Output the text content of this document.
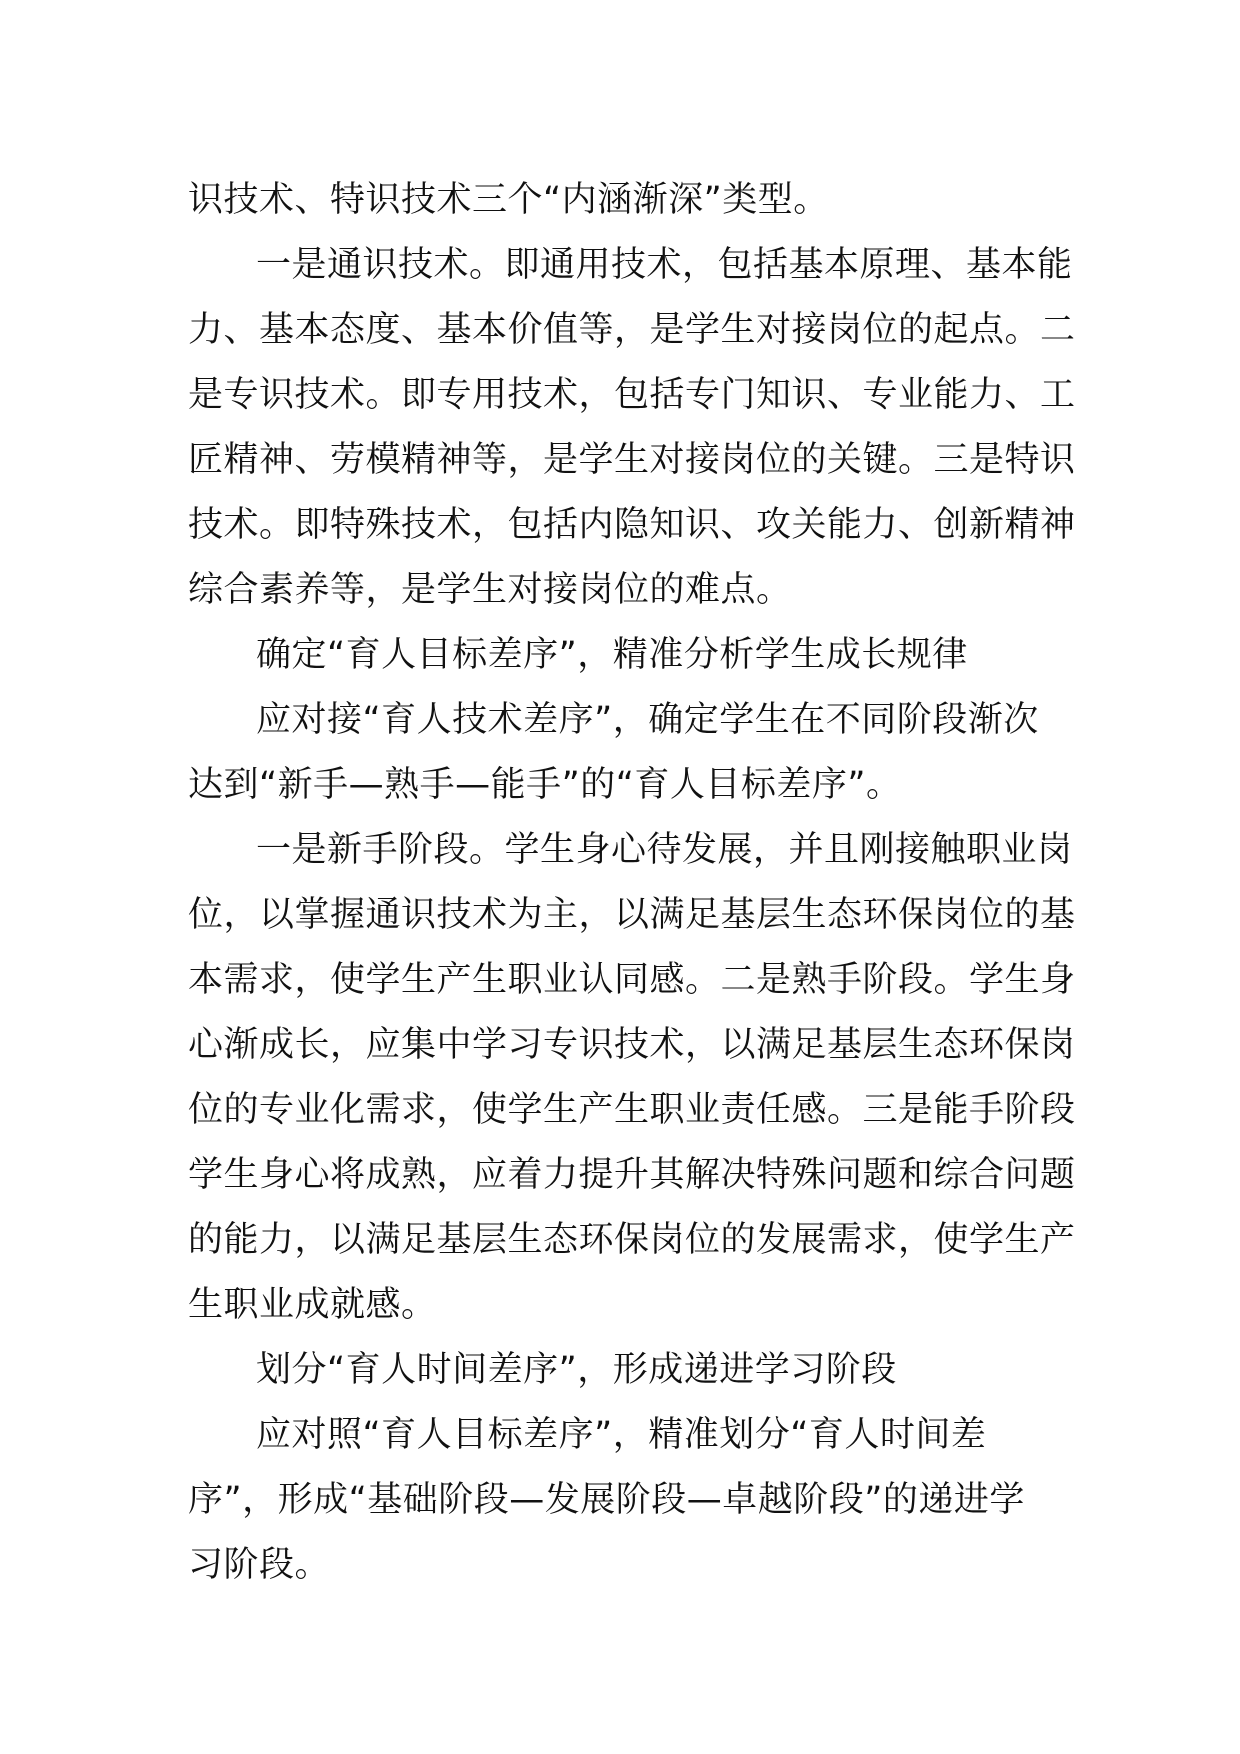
识技术、特识技术三个“内涵渐深”类型。
一是通识技术。即通用技术，包括基本原理、基本能
力、基本态度、基本价值等，是学生对接岗位的起点。二
是专识技术。即专用技术，包括专门知识、专业能力、工
匠精神、劳模精神等，是学生对接岗位的关键。三是特识
技术。即特殊技术，包括内隐知识、攻关能力、创新精神
综合素养等，是学生对接岗位的难点。
确定“育人目标差序”，精准分析学生成长规律
应对接“育人技术差序”，确定学生在不同阶段渐次
达到“新手—熟手—能手”的“育人目标差序”。
一是新手阶段。学生身心待发展，并且刚接触职业岗
位，以掌握通识技术为主，以满足基层生态环保岗位的基
本需求，使学生产生职业认同感。二是熟手阶段。学生身
心渐成长，应集中学习专识技术，以满足基层生态环保岗
位的专业化需求，使学生产生职业责任感。三是能手阶段
学生身心将成熟，应着力提升其解决特殊问题和综合问题
的能力，以满足基层生态环保岗位的发展需求，使学生产
生职业成就感。
划分“育人时间差序”，形成递进学习阶段
应对照“育人目标差序”，精准划分“育人时间差
序”，形成“基础阶段—发展阶段—卓越阶段”的递进学
习阶段。
